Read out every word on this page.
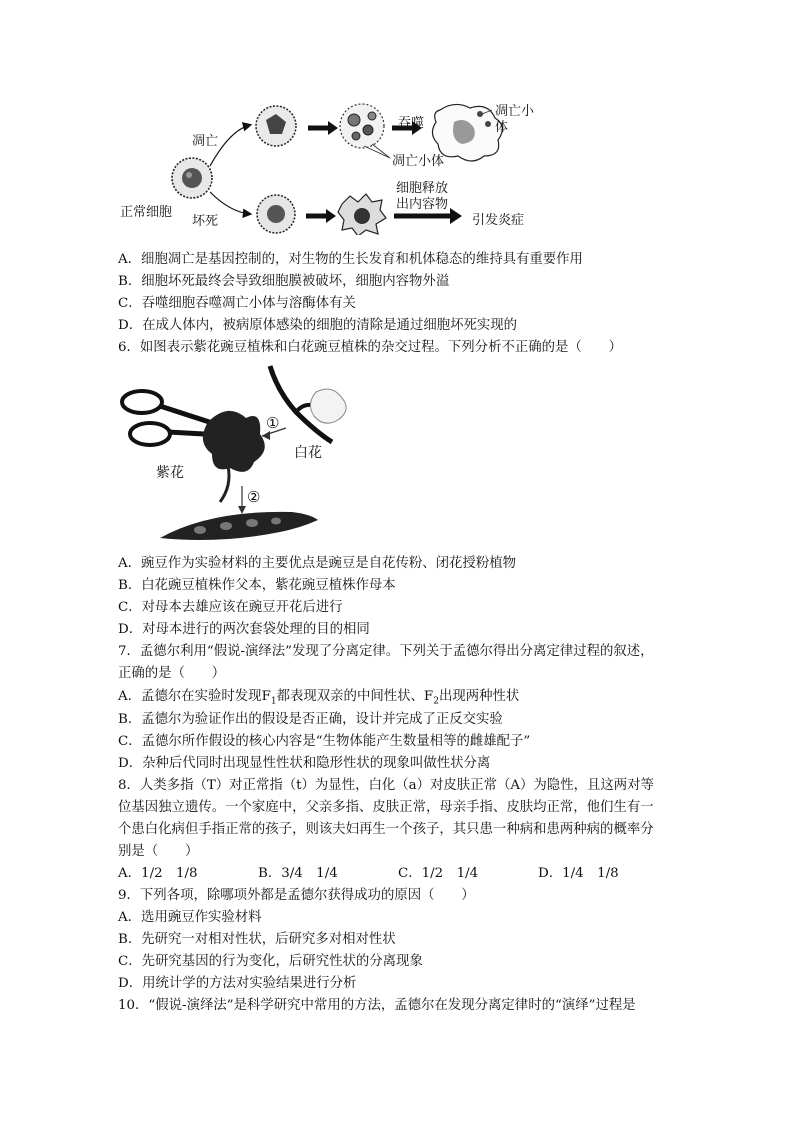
凋亡
正常细胞
坏死
吞噬
凋亡小体
凋亡小体
细胞释放
出内容物
引发炎症
A．细胞凋亡是基因控制的，对生物的生长发育和机体稳态的维持具有重要作用
B．细胞坏死最终会导致细胞膜被破坏，细胞内容物外溢
C．吞噬细胞吞噬凋亡小体与溶酶体有关
D．在成人体内，被病原体感染的细胞的清除是通过细胞坏死实现的
6．如图表示紫花豌豆植株和白花豌豆植株的杂交过程。下列分析不正确的是（　　）
①
白花
紫花
②
A．豌豆作为实验材料的主要优点是豌豆是自花传粉、闭花授粉植物
B．白花豌豆植株作父本，紫花豌豆植株作母本
C．对母本去雄应该在豌豆开花后进行
D．对母本进行的两次套袋处理的目的相同
7．孟德尔利用“假说-演绎法”发现了分离定律。下列关于孟德尔得出分离定律过程的叙述，
正确的是（　　）
A．孟德尔在实验时发现$F_1$都表现双亲的中间性状、$F_2$出现两种性状
B．孟德尔为验证作出的假设是否正确，设计并完成了正反交实验
C．孟德尔所作假设的核心内容是“生物体能产生数量相等的雌雄配子”
D．杂种后代同时出现显性性状和隐形性状的现象叫做性状分离
8．人类多指（T）对正常指（t）为显性，白化（a）对皮肤正常（A）为隐性，且这两对等
位基因独立遗传。一个家庭中，父亲多指、皮肤正常，母亲手指、皮肤均正常，他们生有一
个患白化病但手指正常的孩子，则该夫妇再生一个孩子，其只患一种病和患两种病的概率分
别是（　　）
A．1/2　1/8	B．3/4　1/4	C．1/2　1/4	D．1/4　1/8
9．下列各项，除哪项外都是孟德尔获得成功的原因（　　）
A．选用豌豆作实验材料
B．先研究一对相对性状，后研究多对相对性状
C．先研究基因的行为变化，后研究性状的分离现象
D．用统计学的方法对实验结果进行分析
10．“假说-演绎法”是科学研究中常用的方法，孟德尔在发现分离定律时的“演绎”过程是
